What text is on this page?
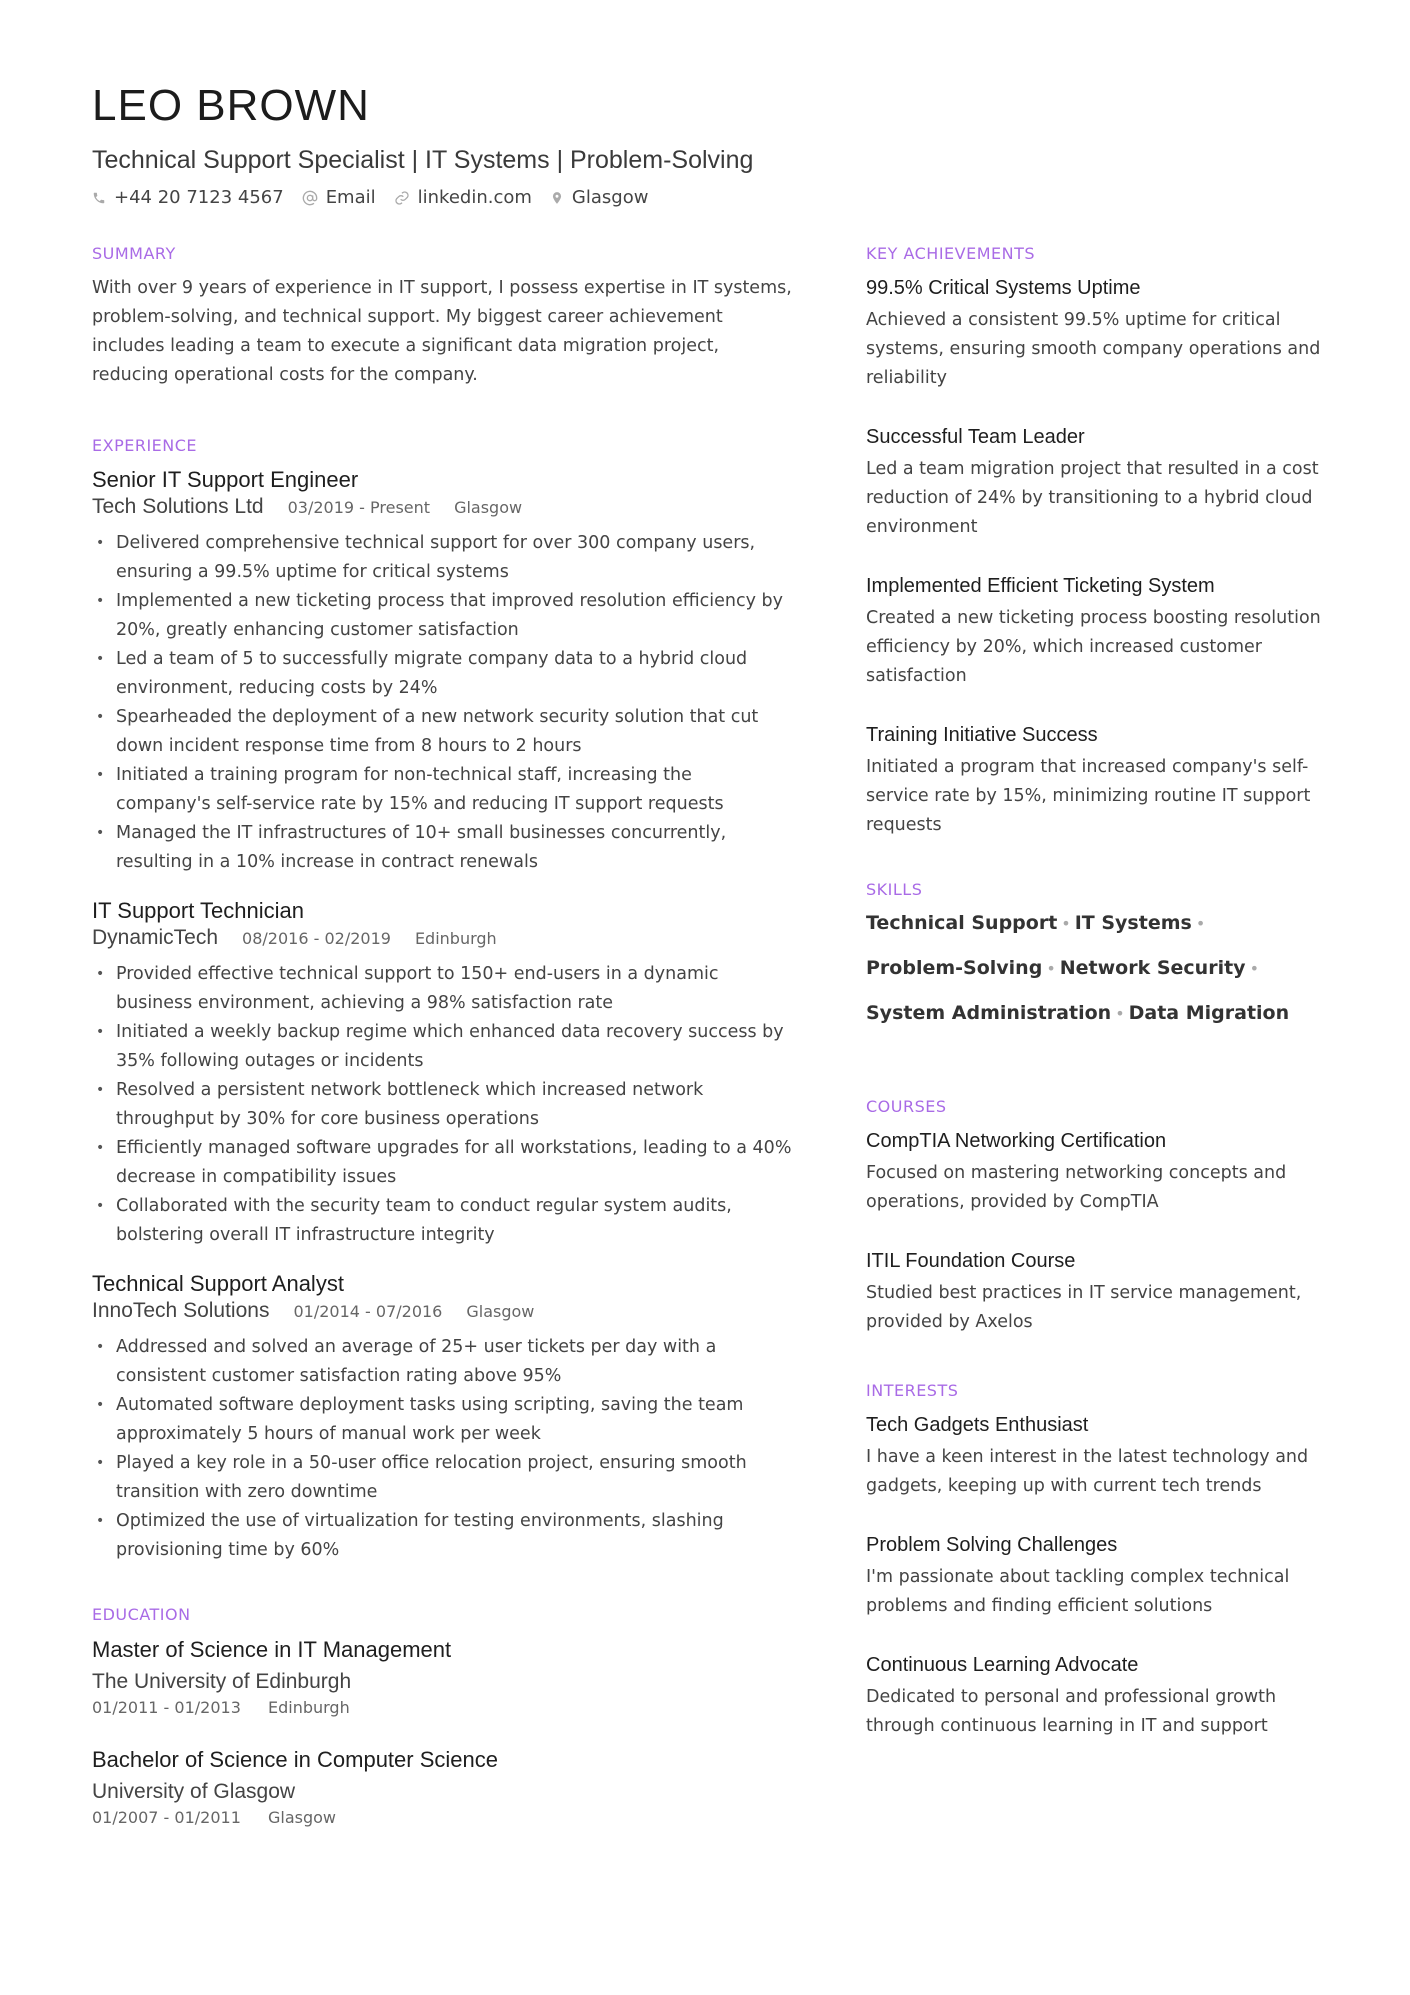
LEO BROWN
Technical Support Specialist | IT Systems | Problem-Solving
+44 20 7123 4567 Email linkedin.com Glasgow
SUMMARY
With over 9 years of experience in IT support, I possess expertise in IT systems, problem-solving, and technical support. My biggest career achievement includes leading a team to execute a significant data migration project, reducing operational costs for the company.
EXPERIENCE
Senior IT Support Engineer
Tech Solutions Ltd 03/2019 - Present Glasgow
• Delivered comprehensive technical support for over 300 company users, ensuring a 99.5% uptime for critical systems
• Implemented a new ticketing process that improved resolution efficiency by 20%, greatly enhancing customer satisfaction
• Led a team of 5 to successfully migrate company data to a hybrid cloud environment, reducing costs by 24%
• Spearheaded the deployment of a new network security solution that cut down incident response time from 8 hours to 2 hours
• Initiated a training program for non-technical staff, increasing the company's self-service rate by 15% and reducing IT support requests
• Managed the IT infrastructures of 10+ small businesses concurrently, resulting in a 10% increase in contract renewals
IT Support Technician
DynamicTech 08/2016 - 02/2019 Edinburgh
• Provided effective technical support to 150+ end-users in a dynamic business environment, achieving a 98% satisfaction rate
• Initiated a weekly backup regime which enhanced data recovery success by 35% following outages or incidents
• Resolved a persistent network bottleneck which increased network throughput by 30% for core business operations
• Efficiently managed software upgrades for all workstations, leading to a 40% decrease in compatibility issues
• Collaborated with the security team to conduct regular system audits, bolstering overall IT infrastructure integrity
Technical Support Analyst
InnoTech Solutions 01/2014 - 07/2016 Glasgow
• Addressed and solved an average of 25+ user tickets per day with a consistent customer satisfaction rating above 95%
• Automated software deployment tasks using scripting, saving the team approximately 5 hours of manual work per week
• Played a key role in a 50-user office relocation project, ensuring smooth transition with zero downtime
• Optimized the use of virtualization for testing environments, slashing provisioning time by 60%
EDUCATION
Master of Science in IT Management
The University of Edinburgh
01/2011 - 01/2013 Edinburgh
Bachelor of Science in Computer Science
University of Glasgow
01/2007 - 01/2011 Glasgow
KEY ACHIEVEMENTS
99.5% Critical Systems Uptime
Achieved a consistent 99.5% uptime for critical systems, ensuring smooth company operations and reliability
Successful Team Leader
Led a team migration project that resulted in a cost reduction of 24% by transitioning to a hybrid cloud environment
Implemented Efficient Ticketing System
Created a new ticketing process boosting resolution efficiency by 20%, which increased customer satisfaction
Training Initiative Success
Initiated a program that increased company's self-service rate by 15%, minimizing routine IT support requests
SKILLS
Technical Support • IT Systems •
Problem-Solving • Network Security •
System Administration • Data Migration
COURSES
CompTIA Networking Certification
Focused on mastering networking concepts and operations, provided by CompTIA
ITIL Foundation Course
Studied best practices in IT service management, provided by Axelos
INTERESTS
Tech Gadgets Enthusiast
I have a keen interest in the latest technology and gadgets, keeping up with current tech trends
Problem Solving Challenges
I'm passionate about tackling complex technical problems and finding efficient solutions
Continuous Learning Advocate
Dedicated to personal and professional growth through continuous learning in IT and support
